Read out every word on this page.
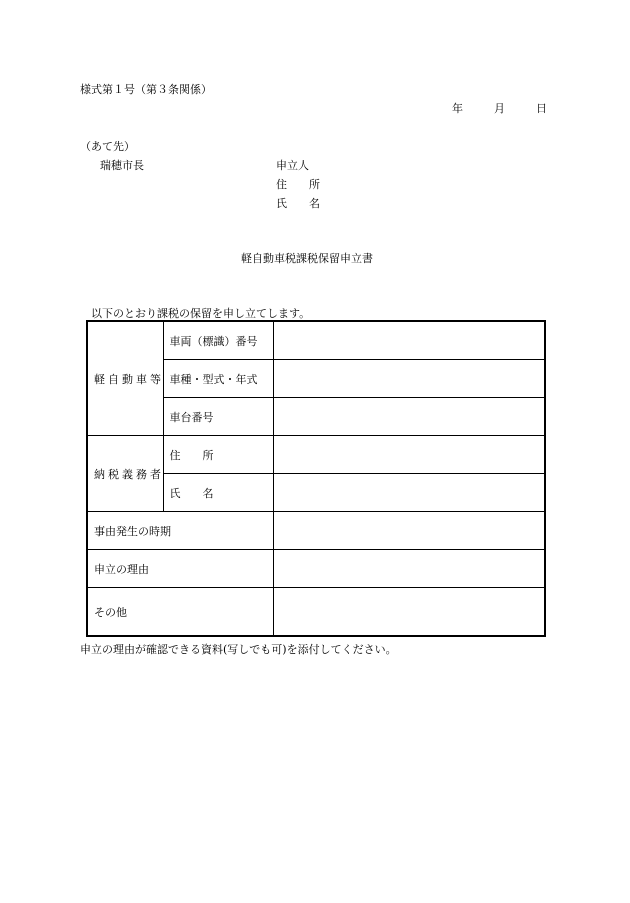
様式第１号（第３条関係）
年	月	日
（あて先）
瑞穂市長	申立人
住　　所
氏　　名
軽自動車税課税保留申立書
以下のとおり課税の保留を申し立てします。
軽自動車等	車両（標識）番号	
	車種・型式・年式	
	車台番号	
納税義務者	住　　所	
	氏　　名	
事由発生の時期		
申立の理由		
その他		
申立の理由が確認できる資料(写しでも可)を添付してください。
